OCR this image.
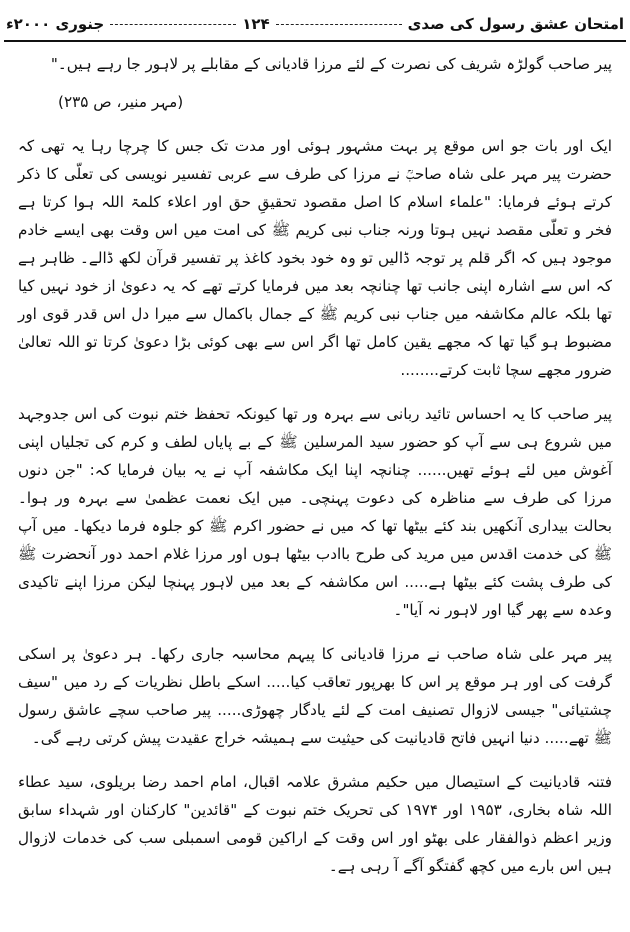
امتحان عشق رسول کی صدی
۱۲۴
جنوری ۲۰۰۰ء

پیر صاحب گولڑہ شریف کی نصرت کے لئے مرزا قادیانی کے مقابلے پر لاہور جا رہے ہیں۔"

(مہر منیر، ص ۲۳۵)

ایک اور بات جو اس موقع پر بہت مشہور ہوئی اور مدت تک جس کا چرچا رہا یہ تھی کہ حضرت پیر مہر علی شاہ صاحبؒ نے مرزا کی طرف سے عربی تفسیر نویسی کی تعلّی کا ذکر کرتے ہوئے فرمایا: "علماء اسلام کا اصل مقصود تحقیقِ حق اور اعلاء کلمۃ اللہ ہوا کرتا ہے فخر و تعلّی مقصد نہیں ہوتا ورنہ جناب نبی کریم ﷺ کی امت میں اس وقت بھی ایسے خادم موجود ہیں کہ اگر قلم پر توجہ ڈالیں تو وہ خود بخود کاغذ پر تفسیر قرآن لکھ ڈالے۔ ظاہر ہے کہ اس سے اشارہ اپنی جانب تھا چنانچہ بعد میں فرمایا کرتے تھے کہ یہ دعویٰ از خود نہیں کیا تھا بلکہ عالم مکاشفہ میں جناب نبی کریم ﷺ کے جمال باکمال سے میرا دل اس قدر قوی اور مضبوط ہو گیا تھا کہ مجھے یقین کامل تھا اگر اس سے بھی کوئی بڑا دعویٰ کرتا تو اللہ تعالیٰ ضرور مجھے سچا ثابت کرتے........

پیر صاحب کا یہ احساس تائید ربانی سے بہرہ ور تھا کیونکہ تحفظ ختم نبوت کی اس جدوجہد میں شروع ہی سے آپ کو حضور سید المرسلین ﷺ کے بے پایاں لطف و کرم کی تجلیاں اپنی آغوش میں لئے ہوئے تھیں...... چنانچہ اپنا ایک مکاشفہ آپ نے یہ بیان فرمایا کہ: "جن دنوں مرزا کی طرف سے مناظرہ کی دعوت پہنچی۔ میں ایک نعمت عظمیٰ سے بہرہ ور ہوا۔ بحالت بیداری آنکھیں بند کئے بیٹھا تھا کہ میں نے حضور اکرم ﷺ کو جلوہ فرما دیکھا۔ میں آپ ﷺ کی خدمت اقدس میں مرید کی طرح باادب بیٹھا ہوں اور مرزا غلام احمد دور آنحضرت ﷺ کی طرف پشت کئے بیٹھا ہے..... اس مکاشفہ کے بعد میں لاہور پہنچا لیکن مرزا اپنے تاکیدی وعدہ سے پھر گیا اور لاہور نہ آیا"۔

پیر مہر علی شاہ صاحب نے مرزا قادیانی کا پیہم محاسبہ جاری رکھا۔ ہر دعویٰ پر اسکی گرفت کی اور ہر موقع پر اس کا بھرپور تعاقب کیا..... اسکے باطل نظریات کے رد میں "سیف چشتیائی" جیسی لازوال تصنیف امت کے لئے یادگار چھوڑی..... پیر صاحب سچے عاشق رسول ﷺ تھے..... دنیا انہیں فاتح قادیانیت کی حیثیت سے ہمیشہ خراج عقیدت پیش کرتی رہے گی۔

فتنہ قادیانیت کے استیصال میں حکیم مشرق علامہ اقبال، امام احمد رضا بریلوی، سید عطاء اللہ شاہ بخاری، ۱۹۵۳ اور ۱۹۷۴ کی تحریک ختم نبوت کے "قائدین" کارکنان اور شہداء سابق وزیر اعظم ذوالفقار علی بھٹو اور اس وقت کے اراکین قومی اسمبلی سب کی خدمات لازوال ہیں اس بارے میں کچھ گفتگو آگے آ رہی ہے۔
